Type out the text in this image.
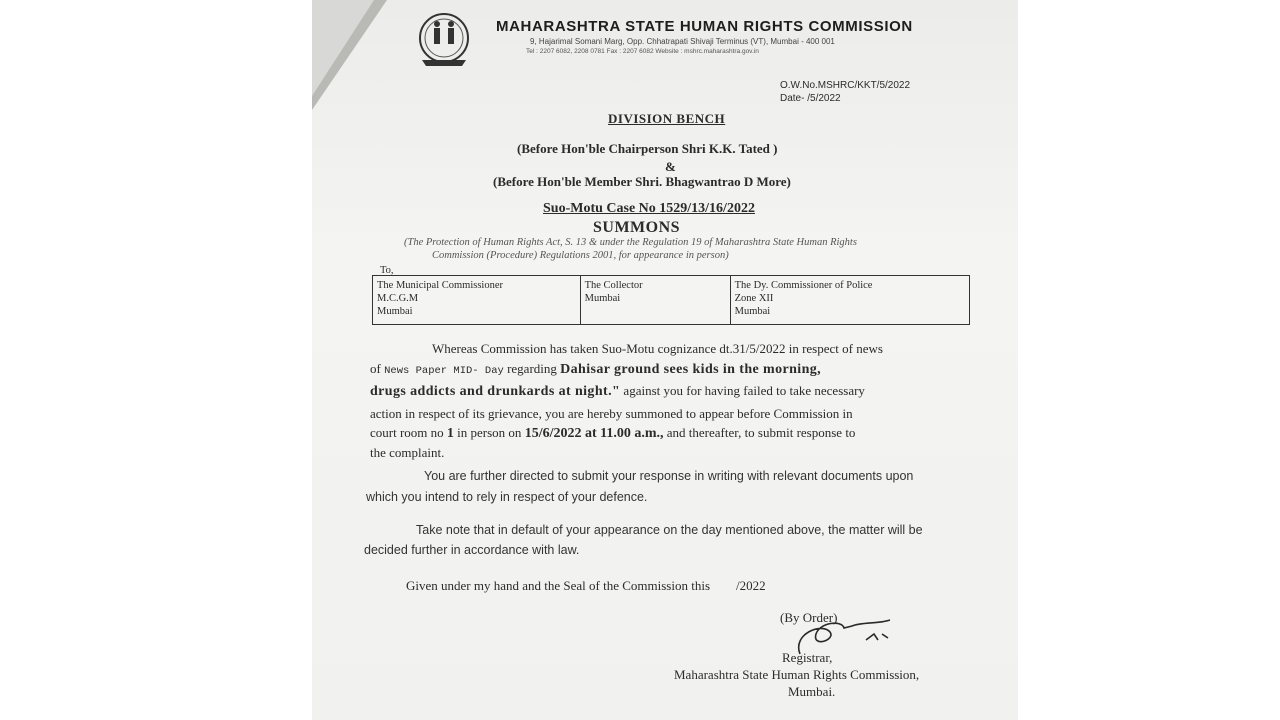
MAHARASHTRA STATE HUMAN RIGHTS COMMISSION
9, Hajarimal Somani Marg, Opp. Chhatrapati Shivaji Terminus (VT), Mumbai - 400 001
Tel : 2207 6082, 2208 0781 Fax : 2207 6082 Website : mshrc.maharashtra.gov.in
O.W.No.MSHRC/KKT/5/2022
Date- /5/2022
DIVISION BENCH
(Before Hon'ble Chairperson Shri K.K. Tated )
&
(Before Hon'ble Member Shri. Bhagwantrao D More)
Suo-Motu Case No 1529/13/16/2022
SUMMONS
(The Protection of Human Rights Act, S. 13 & under the Regulation 19 of Maharashtra State Human Rights
Commission (Procedure) Regulations 2001, for appearance in person)
To,
The Municipal Commissioner
M.C.G.M
Mumbai
The Collector
Mumbai
The Dy. Commissioner of Police
Zone XII
Mumbai
Whereas Commission has taken Suo-Motu cognizance dt.31/5/2022 in respect of news
of News Paper MID- Day regarding Dahisar ground sees kids in the morning,
drugs addicts and drunkards at night." against you for having failed to take necessary
action in respect of its grievance, you are hereby summoned to appear before Commission in
court room no 1 in person on 15/6/2022 at 11.00 a.m., and thereafter, to submit response to
the complaint.
You are further directed to submit your response in writing with relevant documents upon
which you intend to rely in respect of your defence.
Take note that in default of your appearance on the day mentioned above, the matter will be
decided further in accordance with law.
Given under my hand and the Seal of the Commission this /2022
(By Order)
Registrar,
Maharashtra State Human Rights Commission,
Mumbai.
